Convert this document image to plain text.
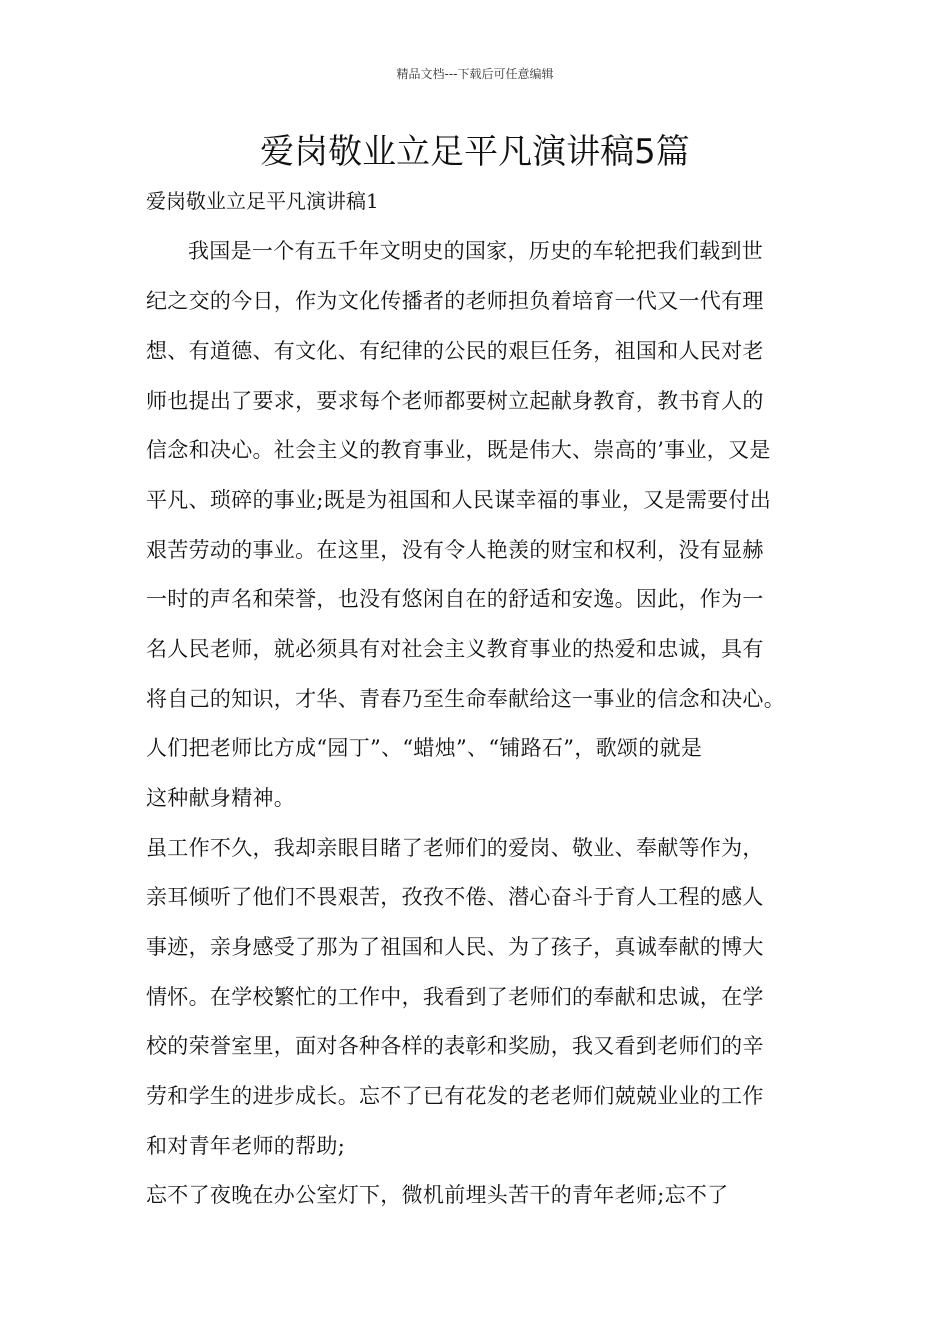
精品文档---下载后可任意编辑
爱岗敬业立足平凡演讲稿5篇
爱岗敬业立足平凡演讲稿1
我国是一个有五千年文明史的国家，历史的车轮把我们载到世
纪之交的今日，作为文化传播者的老师担负着培育一代又一代有理
想、有道德、有文化、有纪律的公民的艰巨任务，祖国和人民对老
师也提出了要求，要求每个老师都要树立起献身教育，教书育人的
信念和决心。社会主义的教育事业，既是伟大、崇高的’事业，又是
平凡、琐碎的事业;既是为祖国和人民谋幸福的事业，又是需要付出
艰苦劳动的事业。在这里，没有令人艳羡的财宝和权利，没有显赫
一时的声名和荣誉，也没有悠闲自在的舒适和安逸。因此，作为一
名人民老师，就必须具有对社会主义教育事业的热爱和忠诚，具有
将自己的知识，才华、青春乃至生命奉献给这一事业的信念和决心。
人们把老师比方成“园丁”、“蜡烛”、“铺路石”，歌颂的就是
这种献身精神。
虽工作不久，我却亲眼目睹了老师们的爱岗、敬业、奉献等作为，
亲耳倾听了他们不畏艰苦，孜孜不倦、潜心奋斗于育人工程的感人
事迹，亲身感受了那为了祖国和人民、为了孩子，真诚奉献的博大
情怀。在学校繁忙的工作中，我看到了老师们的奉献和忠诚，在学
校的荣誉室里，面对各种各样的表彰和奖励，我又看到老师们的辛
劳和学生的进步成长。忘不了已有花发的老老师们兢兢业业的工作
和对青年老师的帮助;
忘不了夜晚在办公室灯下，微机前埋头苦干的青年老师;忘不了
